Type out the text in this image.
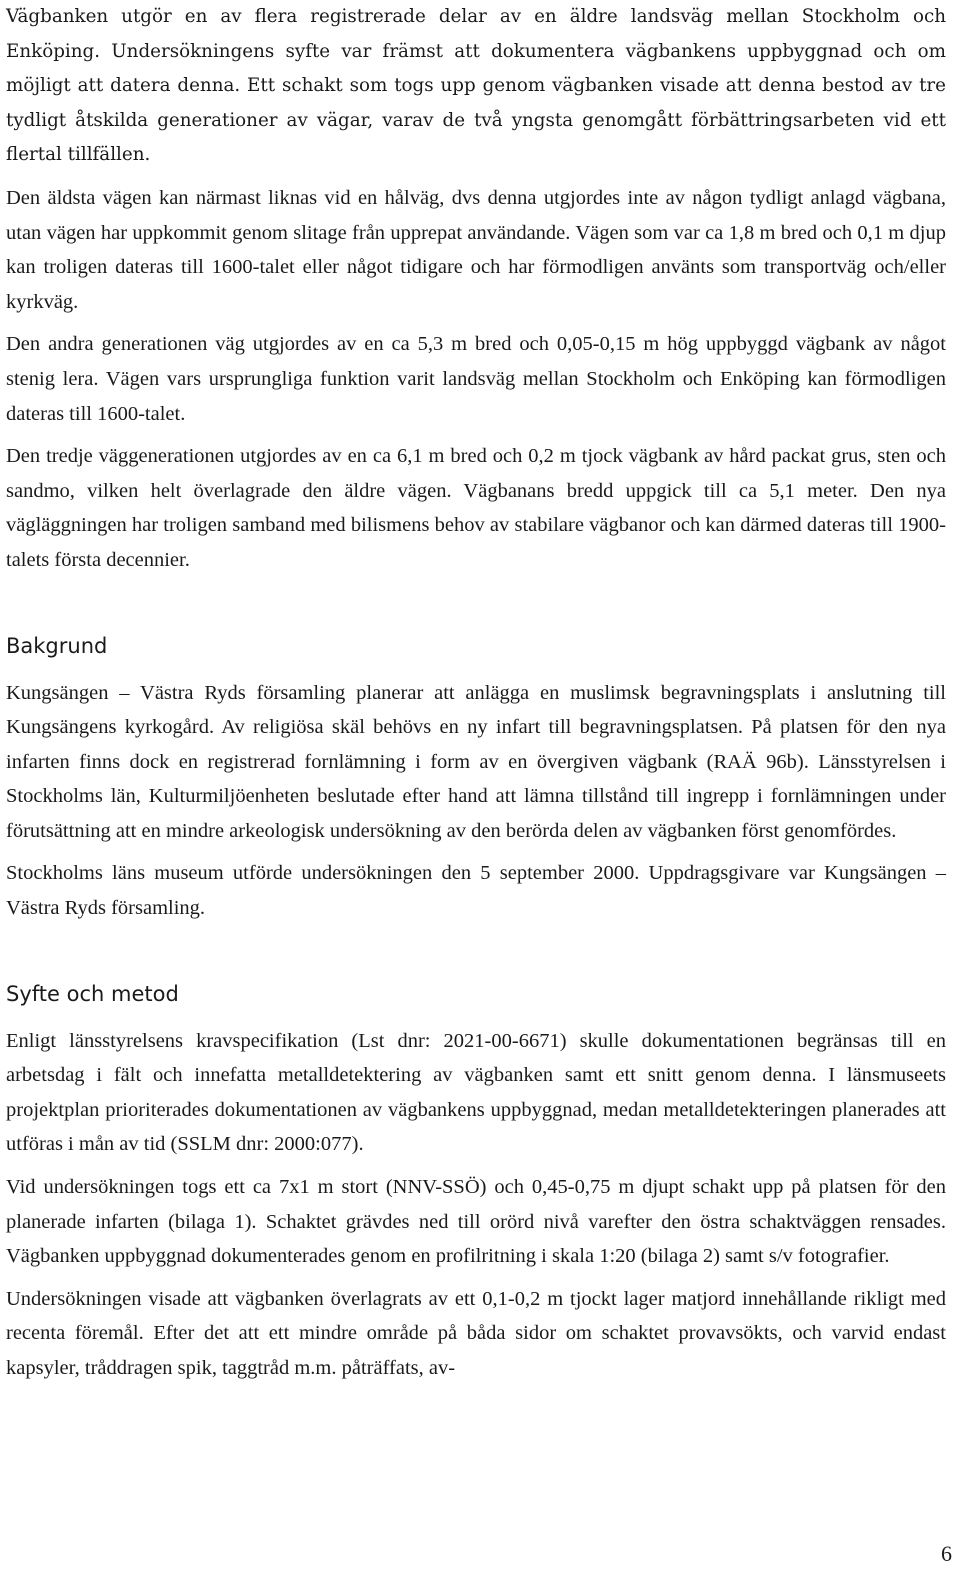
Vägbanken utgör en av flera registrerade delar av en äldre landsväg mellan Stockholm och Enköping. Undersökningens syfte var främst att dokumentera vägbankens uppbyggnad och om möjligt att datera denna. Ett schakt som togs upp genom vägbanken visade att denna bestod av tre tydligt åtskilda generationer av vägar, varav de två yngsta genomgått förbättringsarbeten vid ett flertal tillfällen.

Den äldsta vägen kan närmast liknas vid en hålväg, dvs denna utgjordes inte av någon tydligt anlagd vägbana, utan vägen har uppkommit genom slitage från upprepat användande. Vägen som var ca 1,8 m bred och 0,1 m djup kan troligen dateras till 1600-talet eller något tidigare och har förmodligen använts som transportväg och/eller kyrkväg.

Den andra generationen väg utgjordes av en ca 5,3 m bred och 0,05-0,15 m hög uppbyggd vägbank av något stenig lera. Vägen vars ursprungliga funktion varit landsväg mellan Stockholm och Enköping kan förmodligen dateras till 1600-talet.

Den tredje väggenerationen utgjordes av en ca 6,1 m bred och 0,2 m tjock vägbank av hård packat grus, sten och sandmo, vilken helt överlagrade den äldre vägen. Vägbanans bredd uppgick till ca 5,1 meter. Den nya vägläggningen har troligen samband med bilismens behov av stabilare vägbanor och kan därmed dateras till 1900-talets första decennier.

Bakgrund

Kungsängen – Västra Ryds församling planerar att anlägga en muslimsk begravningsplats i anslutning till Kungsängens kyrkogård. Av religiösa skäl behövs en ny infart till begravningsplatsen. På platsen för den nya infarten finns dock en registrerad fornlämning i form av en övergiven vägbank (RAÄ 96b). Länsstyrelsen i Stockholms län, Kulturmiljöenheten beslutade efter hand att lämna tillstånd till ingrepp i fornlämningen under förutsättning att en mindre arkeologisk undersökning av den berörda delen av vägbanken först genomfördes.

Stockholms läns museum utförde undersökningen den 5 september 2000. Uppdragsgivare var Kungsängen – Västra Ryds församling.

Syfte och metod

Enligt länsstyrelsens kravspecifikation (Lst dnr: 2021-00-6671) skulle dokumentationen begränsas till en arbetsdag i fält och innefatta metalldetektering av vägbanken samt ett snitt genom denna. I länsmuseets projektplan prioriterades dokumentationen av vägbankens uppbyggnad, medan metalldetekteringen planerades att utföras i mån av tid (SSLM dnr: 2000:077).

Vid undersökningen togs ett ca 7x1 m stort (NNV-SSÖ) och 0,45-0,75 m djupt schakt upp på platsen för den planerade infarten (bilaga 1). Schaktet grävdes ned till orörd nivå varefter den östra schaktväggen rensades. Vägbanken uppbyggnad dokumenterades genom en profilritning i skala 1:20 (bilaga 2) samt s/v fotografier.

Undersökningen visade att vägbanken överlagrats av ett 0,1-0,2 m tjockt lager matjord innehållande rikligt med recenta föremål. Efter det att ett mindre område på båda sidor om schaktet provavsökts, och varvid endast kapsyler, tråddragen spik, taggtråd m.m. påträffats, av-

6
